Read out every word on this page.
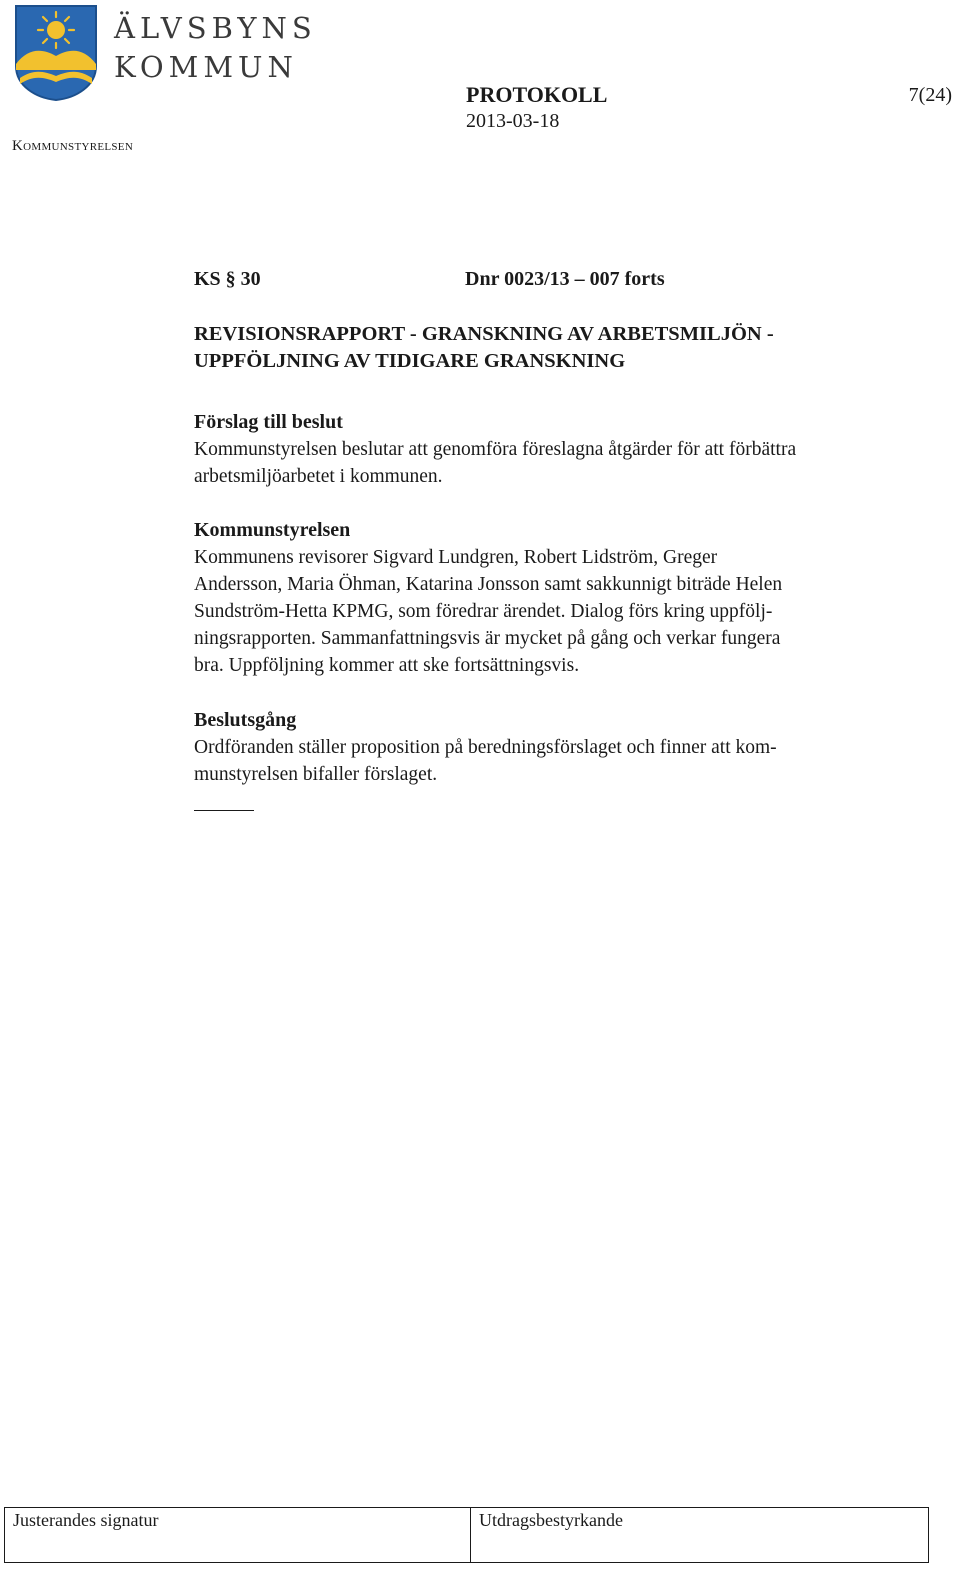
ÄLVSBYNS
KOMMUN
Kommunstyrelsen
PROTOKOLL
2013-03-18
7(24)
KS § 30	Dnr 0023/13 – 007 forts
REVISIONSRAPPORT - GRANSKNING AV ARBETSMILJÖN -
UPPFÖLJNING AV TIDIGARE GRANSKNING
Förslag till beslut
Kommunstyrelsen beslutar att genomföra föreslagna åtgärder för att förbättra
arbetsmiljöarbetet i kommunen.
Kommunstyrelsen
Kommunens revisorer Sigvard Lundgren, Robert Lidström, Greger
Andersson, Maria Öhman, Katarina Jonsson samt sakkunnigt biträde Helen
Sundström-Hetta KPMG, som föredrar ärendet. Dialog förs kring uppfölj-
ningsrapporten. Sammanfattningsvis är mycket på gång och verkar fungera
bra. Uppföljning kommer att ske fortsättningsvis.
Beslutsgång
Ordföranden ställer proposition på beredningsförslaget och finner att kom-
munstyrelsen bifaller förslaget.
Justerandes signatur	Utdragsbestyrkande
